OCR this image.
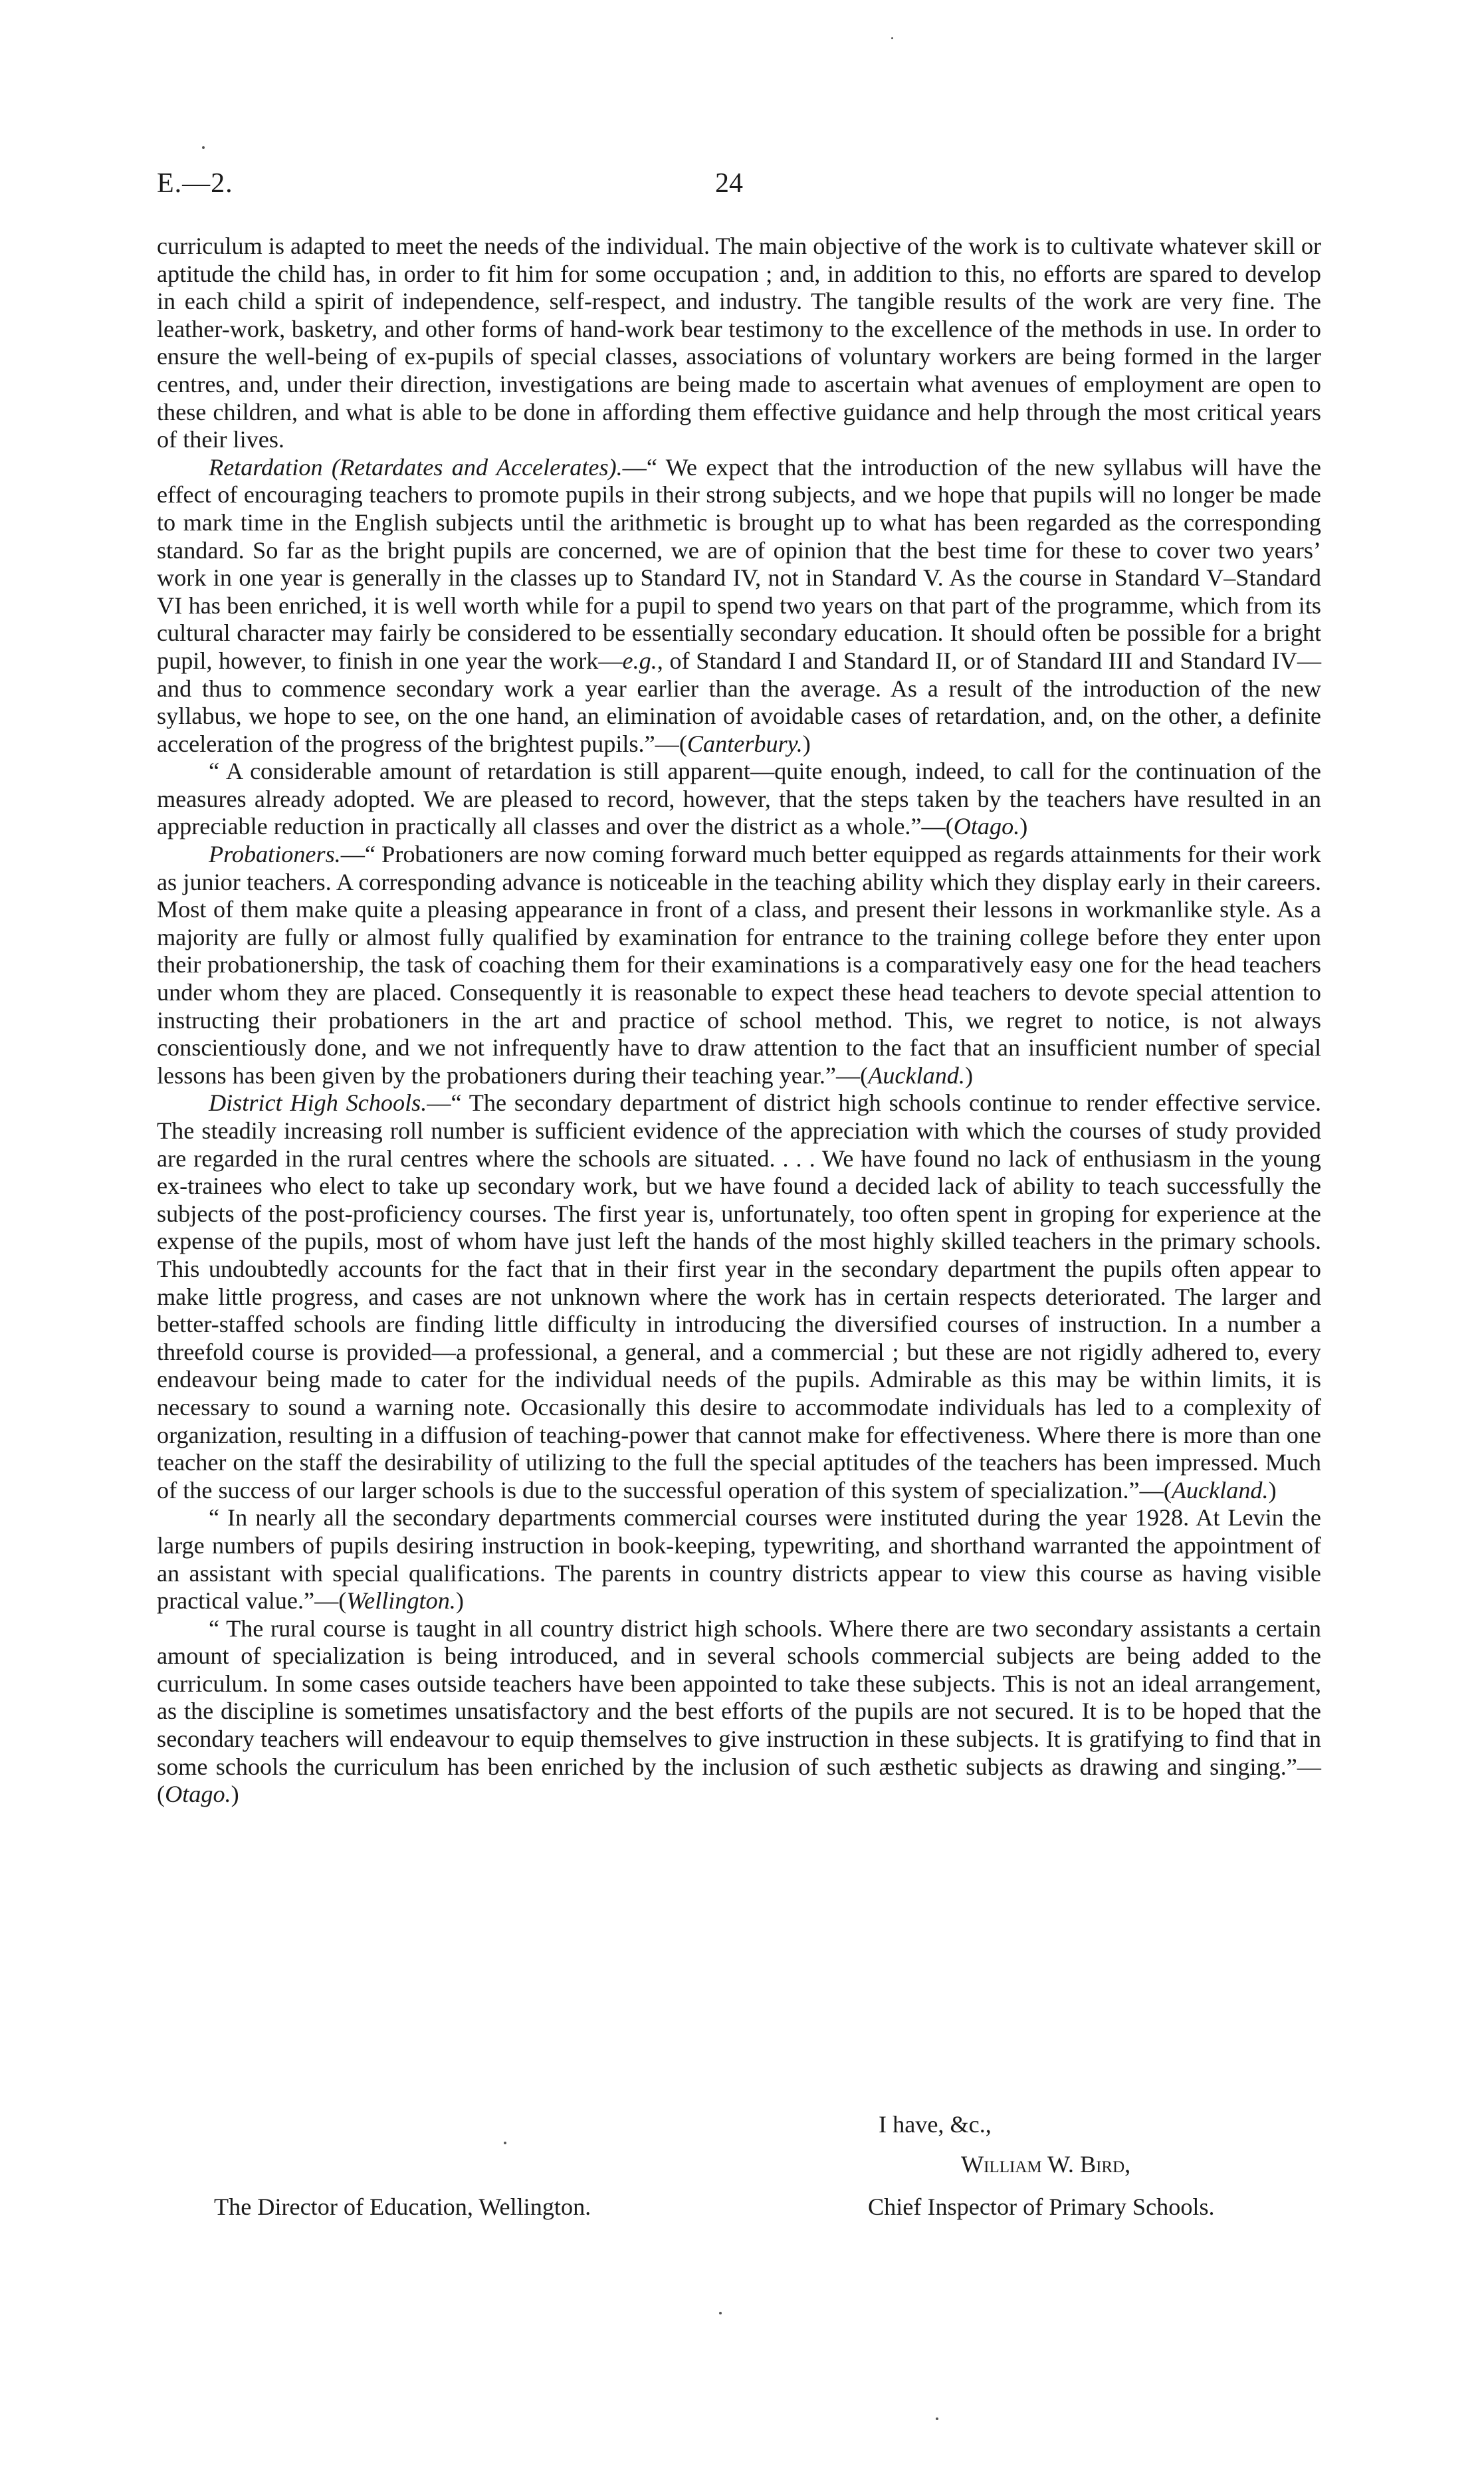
E.—2.	24

curriculum is adapted to meet the needs of the individual. The main objective of the work is to cultivate whatever skill or aptitude the child has, in order to fit him for some occupation ; and, in addition to this, no efforts are spared to develop in each child a spirit of independence, self-respect, and industry. The tangible results of the work are very fine. The leather-work, basketry, and other forms of hand-work bear testimony to the excellence of the methods in use. In order to ensure the well-being of ex-pupils of special classes, associations of voluntary workers are being formed in the larger centres, and, under their direction, investigations are being made to ascertain what avenues of employment are open to these children, and what is able to be done in affording them effective guidance and help through the most critical years of their lives.

Retardation (Retardates and Accelerates).—“ We expect that the introduction of the new syllabus will have the effect of encouraging teachers to promote pupils in their strong subjects, and we hope that pupils will no longer be made to mark time in the English subjects until the arithmetic is brought up to what has been regarded as the corresponding standard. So far as the bright pupils are concerned, we are of opinion that the best time for these to cover two years’ work in one year is generally in the classes up to Standard IV, not in Standard V. As the course in Standard V–Standard VI has been enriched, it is well worth while for a pupil to spend two years on that part of the programme, which from its cultural character may fairly be considered to be essentially secondary education. It should often be possible for a bright pupil, however, to finish in one year the work—e.g., of Standard I and Standard II, or of Standard III and Standard IV—and thus to commence secondary work a year earlier than the average. As a result of the introduction of the new syllabus, we hope to see, on the one hand, an elimination of avoidable cases of retardation, and, on the other, a definite acceleration of the progress of the brightest pupils.”—(Canterbury.)

“ A considerable amount of retardation is still apparent—quite enough, indeed, to call for the continuation of the measures already adopted. We are pleased to record, however, that the steps taken by the teachers have resulted in an appreciable reduction in practically all classes and over the district as a whole.”—(Otago.)

Probationers.—“ Probationers are now coming forward much better equipped as regards attainments for their work as junior teachers. A corresponding advance is noticeable in the teaching ability which they display early in their careers. Most of them make quite a pleasing appearance in front of a class, and present their lessons in workmanlike style. As a majority are fully or almost fully qualified by examination for entrance to the training college before they enter upon their probationership, the task of coaching them for their examinations is a comparatively easy one for the head teachers under whom they are placed. Consequently it is reasonable to expect these head teachers to devote special attention to instructing their probationers in the art and practice of school method. This, we regret to notice, is not always conscientiously done, and we not infrequently have to draw attention to the fact that an insufficient number of special lessons has been given by the probationers during their teaching year.”—(Auckland.)

District High Schools.—“ The secondary department of district high schools continue to render effective service. The steadily increasing roll number is sufficient evidence of the appreciation with which the courses of study provided are regarded in the rural centres where the schools are situated. . . . We have found no lack of enthusiasm in the young ex-trainees who elect to take up secondary work, but we have found a decided lack of ability to teach successfully the subjects of the post-proficiency courses. The first year is, unfortunately, too often spent in groping for experience at the expense of the pupils, most of whom have just left the hands of the most highly skilled teachers in the primary schools. This undoubtedly accounts for the fact that in their first year in the secondary department the pupils often appear to make little progress, and cases are not unknown where the work has in certain respects deteriorated. The larger and better-staffed schools are finding little difficulty in introducing the diversified courses of instruction. In a number a threefold course is provided—a professional, a general, and a commercial ; but these are not rigidly adhered to, every endeavour being made to cater for the individual needs of the pupils. Admirable as this may be within limits, it is necessary to sound a warning note. Occasionally this desire to accommodate individuals has led to a complexity of organization, resulting in a diffusion of teaching-power that cannot make for effectiveness. Where there is more than one teacher on the staff the desirability of utilizing to the full the special aptitudes of the teachers has been impressed. Much of the success of our larger schools is due to the successful operation of this system of specialization.”—(Auckland.)

“ In nearly all the secondary departments commercial courses were instituted during the year 1928. At Levin the large numbers of pupils desiring instruction in book-keeping, typewriting, and shorthand warranted the appointment of an assistant with special qualifications. The parents in country districts appear to view this course as having visible practical value.”—(Wellington.)

“ The rural course is taught in all country district high schools. Where there are two secondary assistants a certain amount of specialization is being introduced, and in several schools commercial subjects are being added to the curriculum. In some cases outside teachers have been appointed to take these subjects. This is not an ideal arrangement, as the discipline is sometimes unsatisfactory and the best efforts of the pupils are not secured. It is to be hoped that the secondary teachers will endeavour to equip themselves to give instruction in these subjects. It is gratifying to find that in some schools the curriculum has been enriched by the inclusion of such æsthetic subjects as drawing and singing.”—(Otago.)

I have, &c.,
William W. Bird,
Chief Inspector of Primary Schools.
The Director of Education, Wellington.
